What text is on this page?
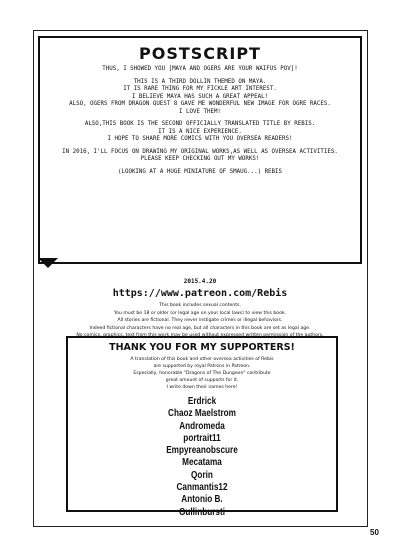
POSTSCRIPT

THUS, I SHOWED YOU [MAYA AND OGERS ARE YOUR WAIFUS POV]!

THIS IS A THIRD DOLLIN THEMED ON MAYA.

IT IS RARE THING FOR MY FICKLE ART INTEREST.

I BELIEVE MAYA HAS SUCH A GREAT APPEAL!

ALSO, OGERS FROM DRAGON QUEST 8 GAVE ME WONDERFUL NEW IMAGE FOR OGRE RACES.

I LOVE THEM!

ALSO,THIS BOOK IS THE SECOND OFFICIALLY TRANSLATED TITLE BY REBIS.

IT IS A NICE EXPERIENCE.

I HOPE TO SHARE MORE COMICS WITH YOU OVERSEA READERS!

IN 2016, I'LL FOCUS ON DRAWING MY ORIGINAL WORKS,AS WELL AS OVERSEA ACTIVITIES.

PLEASE KEEP CHECKING OUT MY WORKS!

(LOOKING AT A HUGE MINIATURE OF SMAUG...) REBIS

2015.4.20
https://www.patreon.com/Rebis

This book includes sexual contents.

You must be 18 or older (or legal age on your local laws) to view this book.

All stories are fictional. They never instigate crimes or illegal behaviors.

Indeed fictional characters have no real age, but all characters in this book are set as legal age.

THANK YOU FOR MY SUPPORTERS!

A translation of this book and other oversea activities of Rebis

are supported by royal Patrons in Patreon.

Especially, honorable "Dragons of The Dungeon" contribute

great amount of supports for it.

I write down their names here!

Erdrick

Chaoz Maelstrom

Andromeda

portrait11

Empyreanobscure

Mecatama

Qorin

Canmantis12

Antonio B.

Gullinbursti

50
